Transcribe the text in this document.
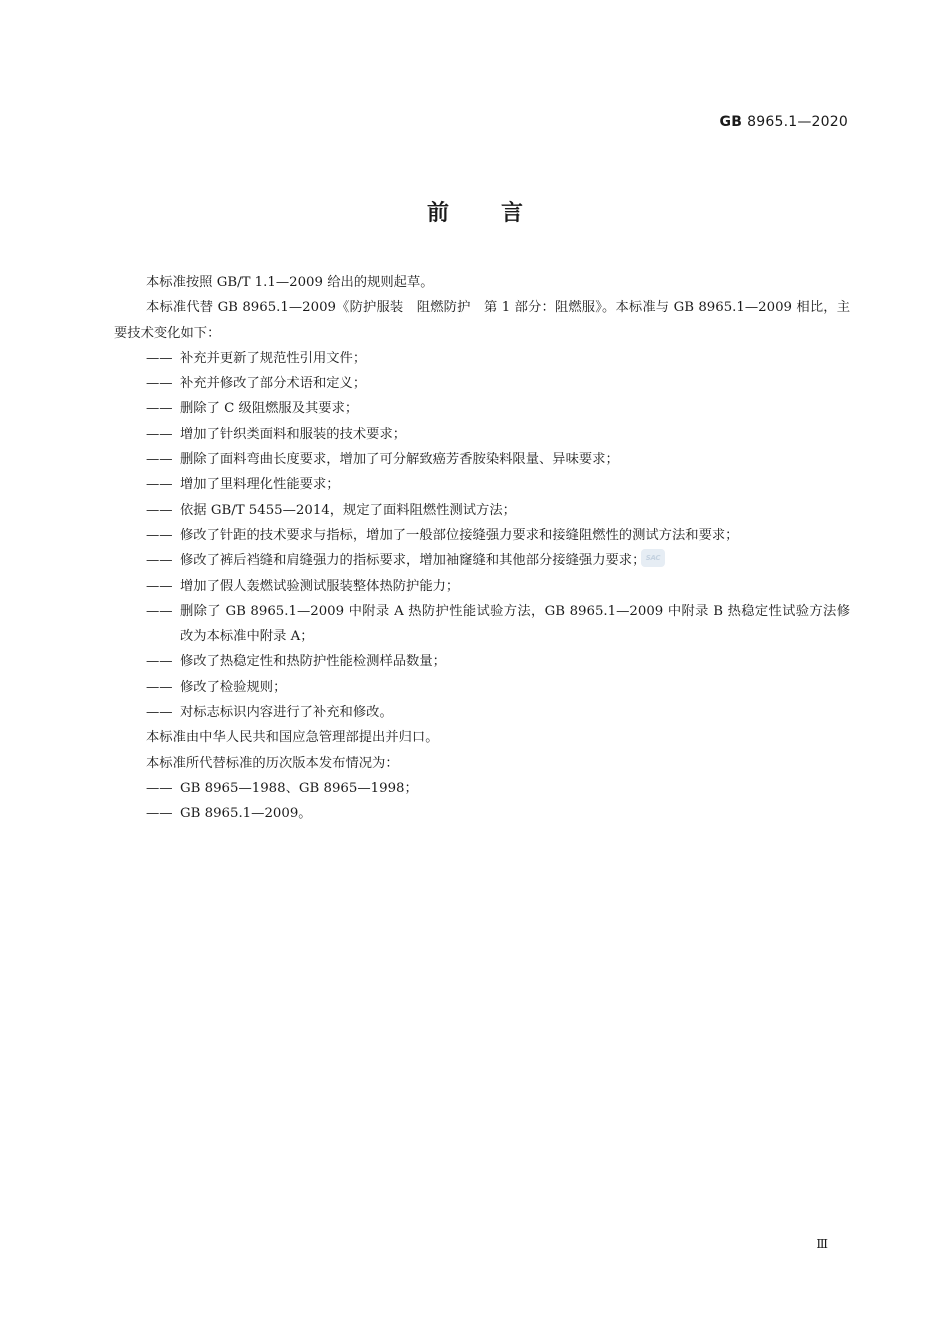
GB 8965.1—2020
前言
SAC

本标准按照 GB/T 1.1—2009 给出的规则起草。

本标准代替 GB 8965.1—2009《防护服装　阻燃防护　第 1 部分：阻燃服》。本标准与 GB 8965.1—2009 相比，主要技术变化如下：

—— 补充并更新了规范性引用文件；
—— 补充并修改了部分术语和定义；
—— 删除了 C 级阻燃服及其要求；
—— 增加了针织类面料和服装的技术要求；
—— 删除了面料弯曲长度要求，增加了可分解致癌芳香胺染料限量、异味要求；
—— 增加了里料理化性能要求；
—— 依据 GB/T 5455—2014，规定了面料阻燃性测试方法；
—— 修改了针距的技术要求与指标，增加了一般部位接缝强力要求和接缝阻燃性的测试方法和要求；
—— 修改了裤后裆缝和肩缝强力的指标要求，增加袖窿缝和其他部分接缝强力要求；
—— 增加了假人轰燃试验测试服装整体热防护能力；
—— 删除了 GB 8965.1—2009 中附录 A 热防护性能试验方法，GB 8965.1—2009 中附录 B 热稳定性试验方法修改为本标准中附录 A；
—— 修改了热稳定性和热防护性能检测样品数量；
—— 修改了检验规则；
—— 对标志标识内容进行了补充和修改。

本标准由中华人民共和国应急管理部提出并归口。

本标准所代替标准的历次版本发布情况为：

—— GB 8965—1988、GB 8965—1998；
—— GB 8965.1—2009。
Ⅲ
